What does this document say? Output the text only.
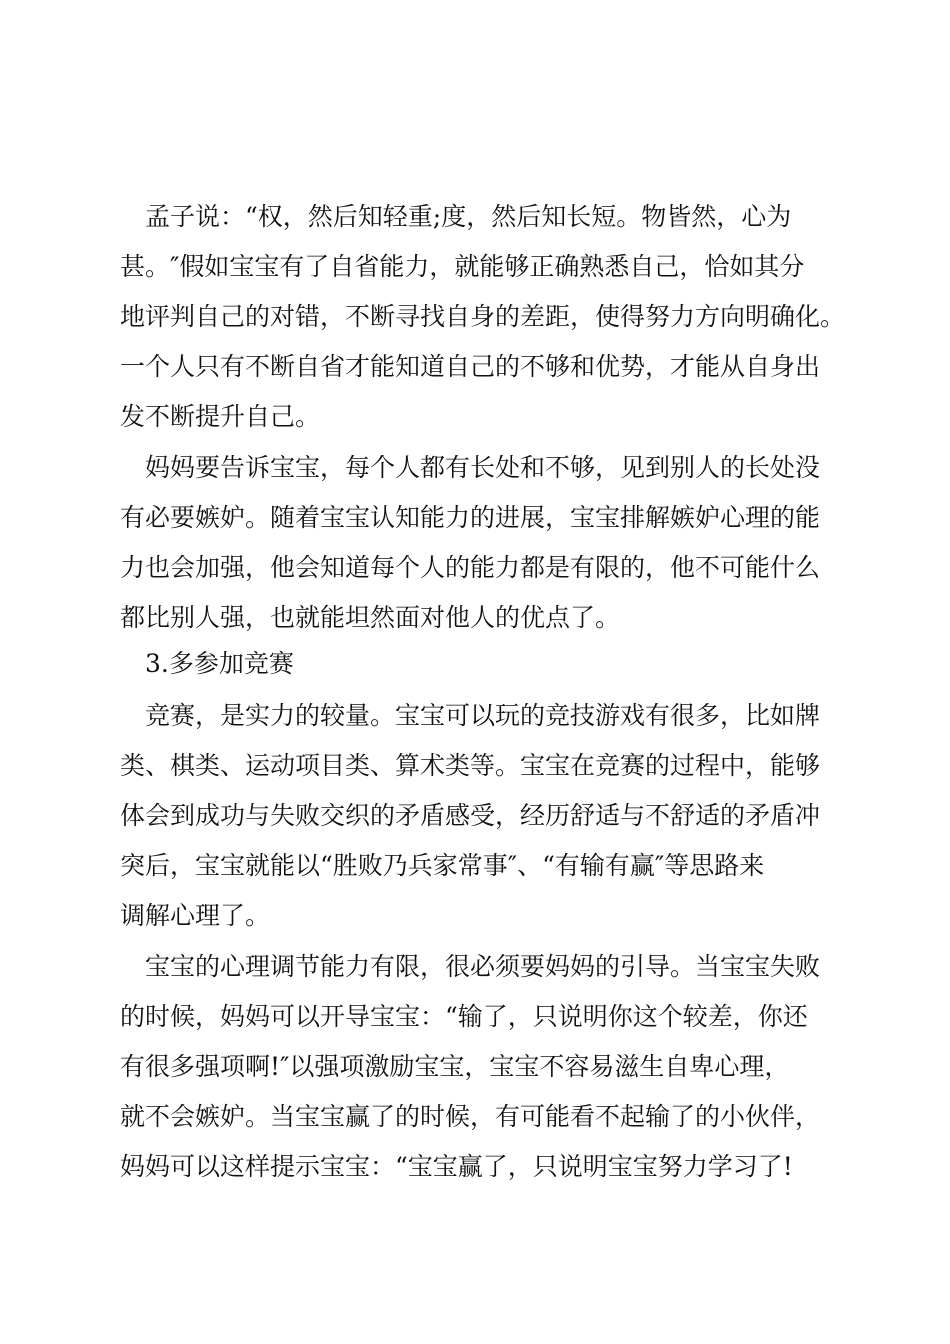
孟子说：“权，然后知轻重;度，然后知长短。物皆然，心为
甚。″假如宝宝有了自省能力，就能够正确熟悉自己，恰如其分
地评判自己的对错，不断寻找自身的差距，使得努力方向明确化。
一个人只有不断自省才能知道自己的不够和优势，才能从自身出
发不断提升自己。
妈妈要告诉宝宝，每个人都有长处和不够，见到别人的长处没
有必要嫉妒。随着宝宝认知能力的进展，宝宝排解嫉妒心理的能
力也会加强，他会知道每个人的能力都是有限的，他不可能什么
都比别人强，也就能坦然面对他人的优点了。
3.多参加竞赛
竞赛，是实力的较量。宝宝可以玩的竞技游戏有很多，比如牌
类、棋类、运动项目类、算术类等。宝宝在竞赛的过程中，能够
体会到成功与失败交织的矛盾感受，经历舒适与不舒适的矛盾冲
突后，宝宝就能以“胜败乃兵家常事″、“有输有赢″等思路来
调解心理了。
宝宝的心理调节能力有限，很必须要妈妈的引导。当宝宝失败
的时候，妈妈可以开导宝宝：“输了，只说明你这个较差，你还
有很多强项啊!″以强项激励宝宝，宝宝不容易滋生自卑心理，
就不会嫉妒。当宝宝赢了的时候，有可能看不起输了的小伙伴，
妈妈可以这样提示宝宝：“宝宝赢了，只说明宝宝努力学习了!
